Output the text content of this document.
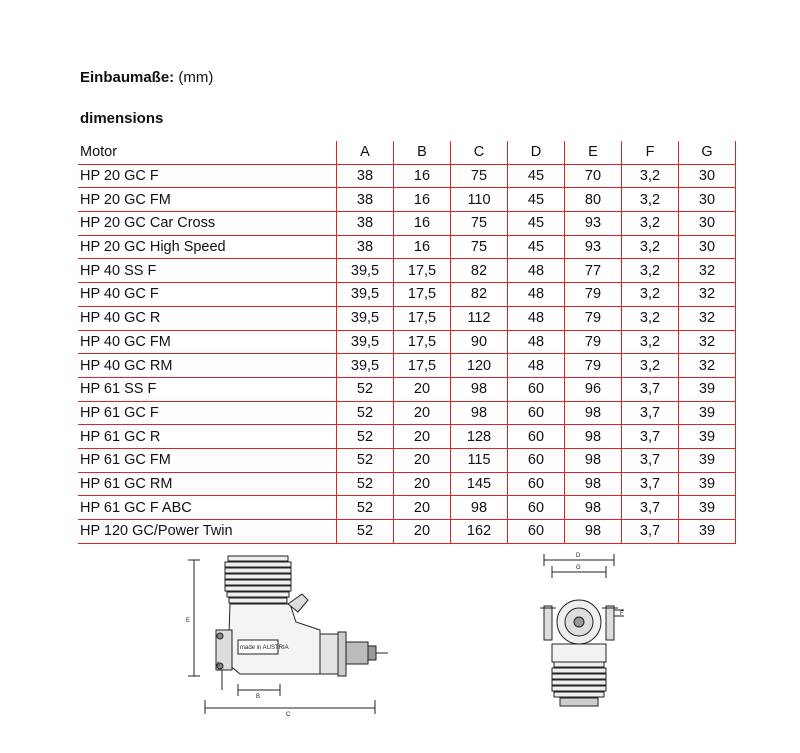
Einbaumaße: (mm)
dimensions
Motor	A	B	C	D	E	F	G
HP 20 GC F	38	16	75	45	70	3,2	30
HP 20 GC FM	38	16	110	45	80	3,2	30
HP 20 GC Car Cross	38	16	75	45	93	3,2	30
HP 20 GC High Speed	38	16	75	45	93	3,2	30
HP 40 SS F	39,5	17,5	82	48	77	3,2	32
HP 40 GC F	39,5	17,5	82	48	79	3,2	32
HP 40 GC R	39,5	17,5	112	48	79	3,2	32
HP 40 GC FM	39,5	17,5	90	48	79	3,2	32
HP 40 GC RM	39,5	17,5	120	48	79	3,2	32
HP 61 SS F	52	20	98	60	96	3,7	39
HP 61 GC F	52	20	98	60	98	3,7	39
HP 61 GC R	52	20	128	60	98	3,7	39
HP 61 GC FM	52	20	115	60	98	3,7	39
HP 61 GC RM	52	20	145	60	98	3,7	39
HP 61 GC F ABC	52	20	98	60	98	3,7	39
HP 120 GC/Power Twin	52	20	162	60	98	3,7	39
made in AUSTRIA
E
A
B
C
D
G
F
